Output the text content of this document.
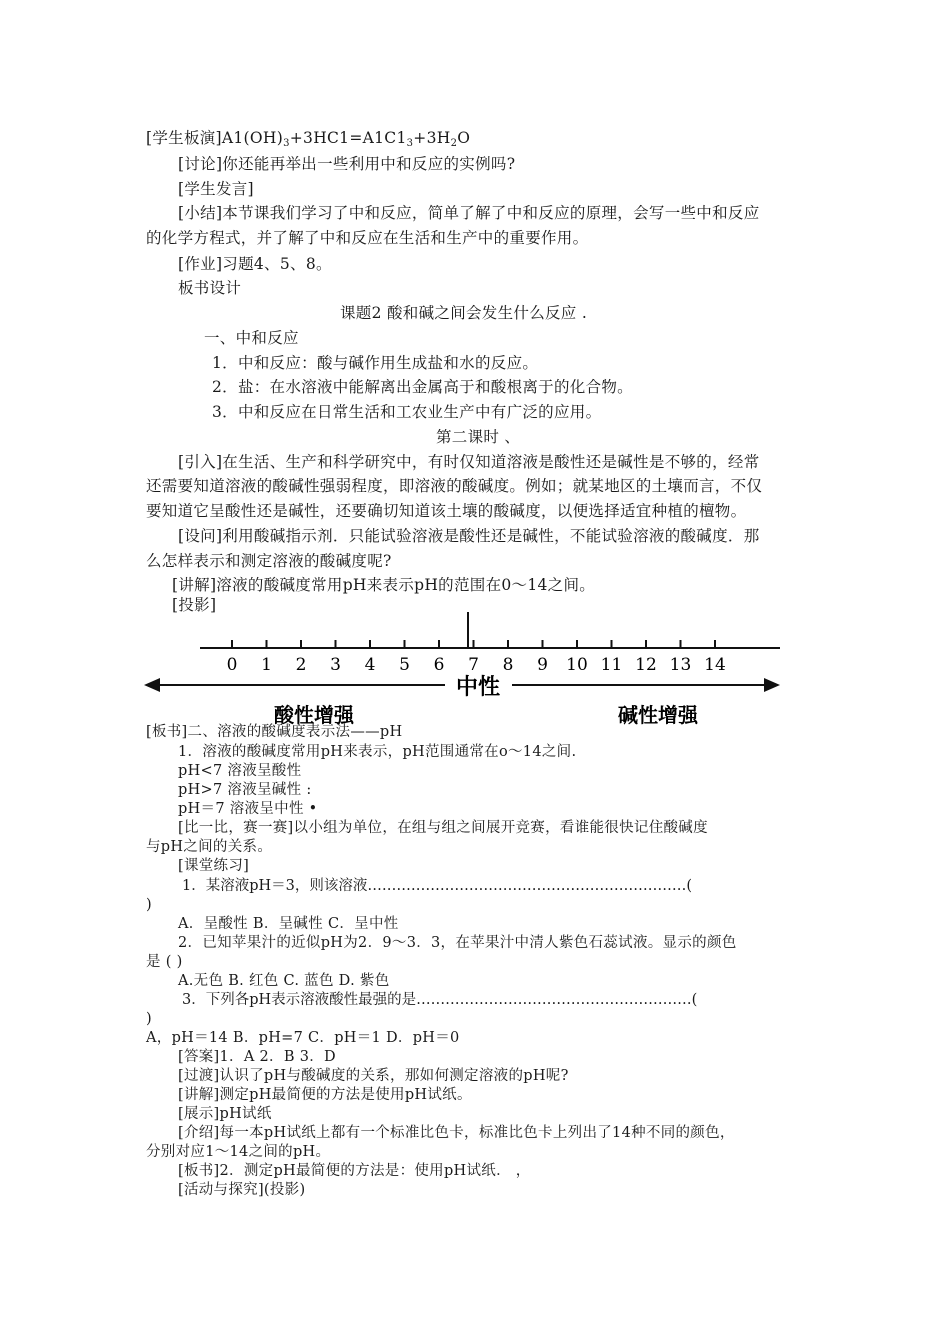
[学生板演]$A1(OH)_3+3HC1=A1C1_3+3H_2O$
[讨论]你还能再举出一些利用中和反应的实例吗?
[学生发言]
[小结]本节课我们学习了中和反应，简单了解了中和反应的原理，会写一些中和反应
的化学方程式，并了解了中和反应在生活和生产中的重要作用。
[作业]习题4、5、8。
板书设计
课题2 酸和碱之间会发生什么反应 .
一、中和反应
1．中和反应：酸与碱作用生成盐和水的反应。
2．盐：在水溶液中能解离出金属高于和酸根离于的化合物。
3．中和反应在日常生活和工农业生产中有广泛的应用。
第二课时 、
[引入]在生活、生产和科学研究中，有时仅知道溶液是酸性还是碱性是不够的，经常
还需要知道溶液的酸碱性强弱程度，即溶液的酸碱度。例如；就某地区的土壤而言，不仅
要知道它呈酸性还是碱性，还要确切知道该土壤的酸碱度，以便选择适宜种植的檀物。
[设问]利用酸碱指示剂．只能试验溶液是酸性还是碱性，不能试验溶液的酸碱度．那
么怎样表示和测定溶液的酸碱度呢?
[讲解]溶液的酸碱度常用pH来表示pH的范围在0～14之间。
[投影]
0 1 2 3 4 5 6 7 8 9 10 11 12 13 14
中性
酸性增强	碱性增强
[板书]二、溶液的酸碱度表示法——pH
1．溶液的酸碱度常用pH来表示，pH范围通常在o～14之间.
pH<7 溶液呈酸性
pH>7 溶液呈碱性 :
pH＝7 溶液呈中性 •
[比一比，赛一赛]以小组为单位，在组与组之间展开竞赛，看谁能很快记住酸碱度
与pH之间的关系。
[课堂练习]
1．某溶液pH＝3，则该溶液…………………………………………………………(
)
A．呈酸性 B．呈碱性 C．呈中性
2．已知苹果汁的近似pH为2．9～3．3，在苹果汁中清人紫色石蕊试液。显示的颜色
是 ( )
A.无色 B. 红色 C. 蓝色 D. 紫色
3．下列各pH表示溶液酸性最强的是…………………………………………………(
)
A，pH＝14 B．pH=7 C．pH＝1 D．pH＝0
[答案]1．A 2．B 3．D
[过渡]认识了pH与酸碱度的关系，那如何测定溶液的pH呢?
[讲解]测定pH最简便的方法是使用pH试纸。
[展示]pH试纸
[介绍]每一本pH试纸上都有一个标准比色卡，标准比色卡上列出了14种不同的颜色，
分别对应1～14之间的pH。
[板书]2．测定pH最简便的方法是：使用pH试纸． ，
[活动与探究](投影)
